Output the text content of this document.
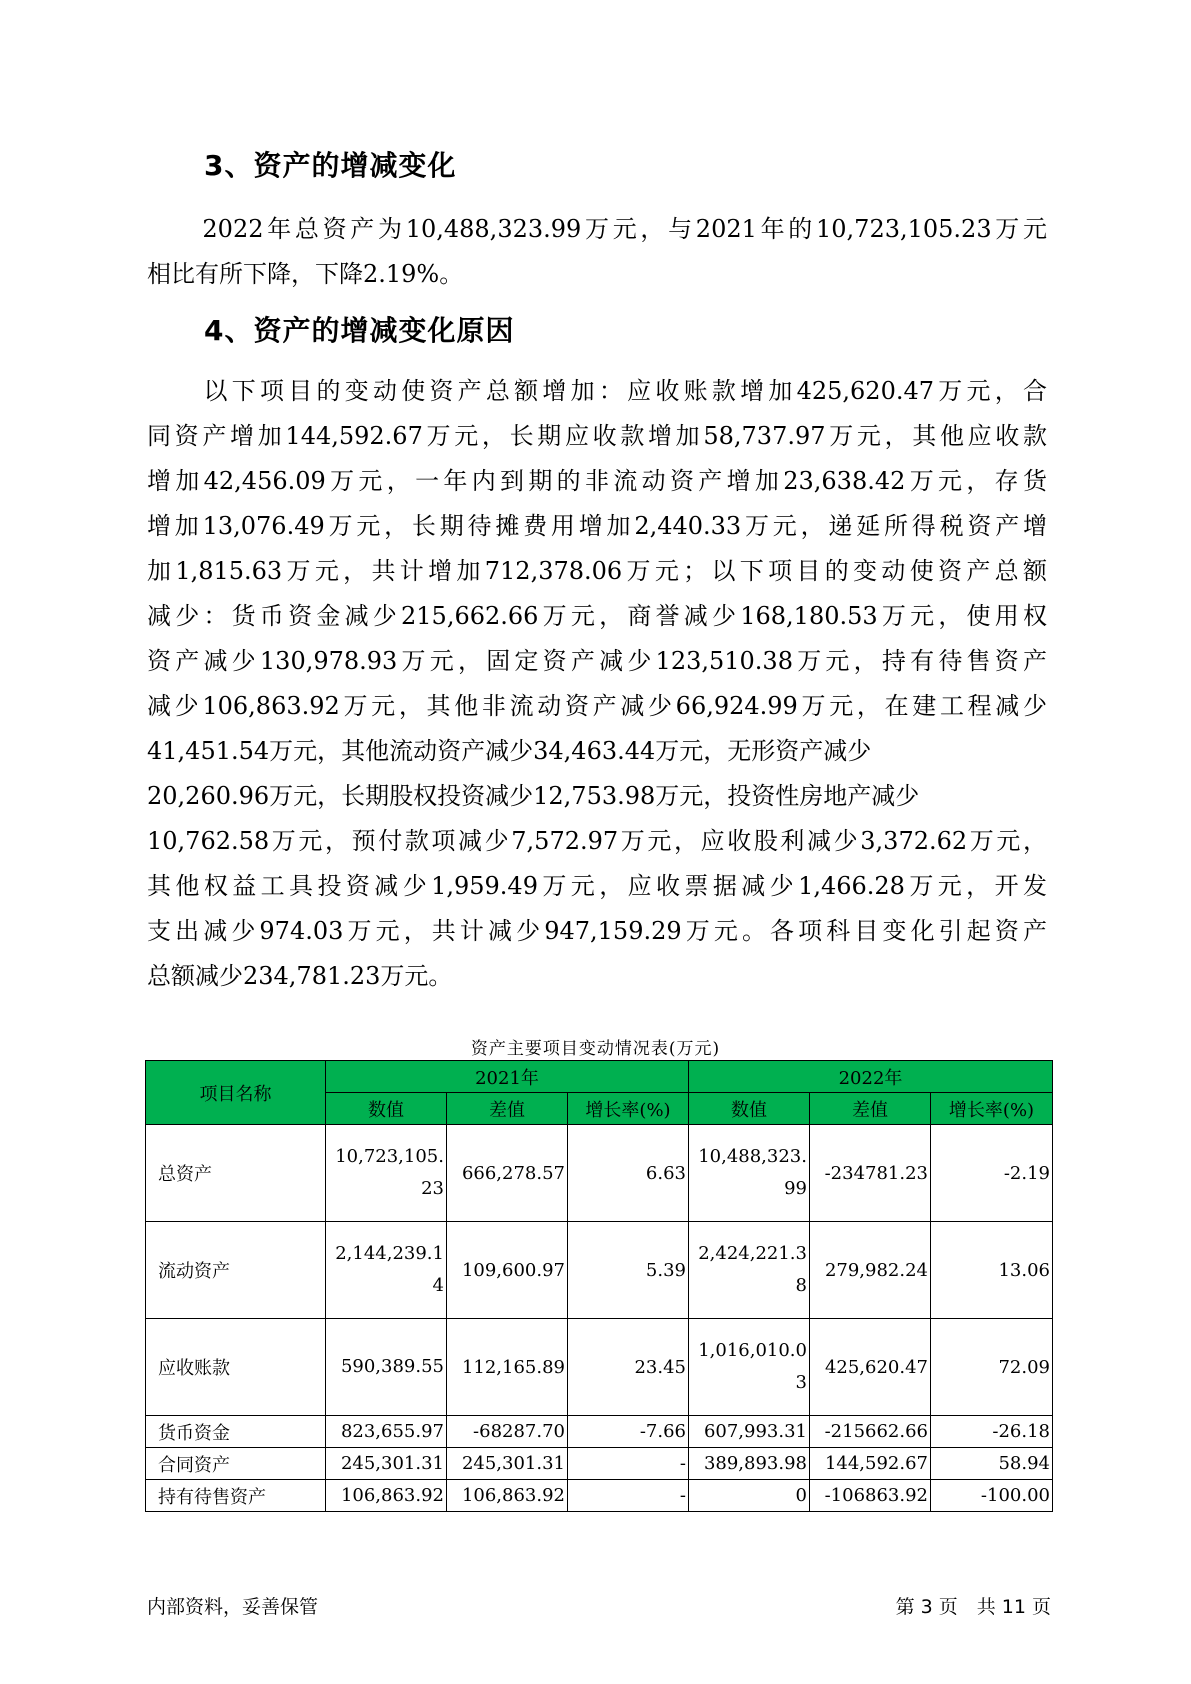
3、资产的增减变化
　　2022年总资产为10,488,323.99万元，与2021年的10,723,105.23万元
相比有所下降，下降2.19%。
4、资产的增减变化原因
　　以下项目的变动使资产总额增加：应收账款增加425,620.47万元，合
同资产增加144,592.67万元，长期应收款增加58,737.97万元，其他应收款
增加42,456.09万元，一年内到期的非流动资产增加23,638.42万元，存货
增加13,076.49万元，长期待摊费用增加2,440.33万元，递延所得税资产增
加1,815.63万元，共计增加712,378.06万元；以下项目的变动使资产总额
减少：货币资金减少215,662.66万元，商誉减少168,180.53万元，使用权
资产减少130,978.93万元，固定资产减少123,510.38万元，持有待售资产
减少106,863.92万元，其他非流动资产减少66,924.99万元，在建工程减少
41,451.54万元，其他流动资产减少34,463.44万元，无形资产减少
20,260.96万元，长期股权投资减少12,753.98万元，投资性房地产减少
10,762.58万元，预付款项减少7,572.97万元，应收股利减少3,372.62万元，
其他权益工具投资减少1,959.49万元，应收票据减少1,466.28万元，开发
支出减少974.03万元，共计减少947,159.29万元。各项科目变化引起资产
总额减少234,781.23万元。
资产主要项目变动情况表(万元)
项目名称	2021年			2022年		
	数值	差值	增长率(%)	数值	差值	增长率(%)
总资产	10,723,105.23	666,278.57	6.63	10,488,323.99	-234781.23	-2.19
流动资产	2,144,239.14	109,600.97	5.39	2,424,221.38	279,982.24	13.06
应收账款	590,389.55	112,165.89	23.45	1,016,010.03	425,620.47	72.09
货币资金	823,655.97	-68287.70	-7.66	607,993.31	-215662.66	-26.18
合同资产	245,301.31	245,301.31	-	389,893.98	144,592.67	58.94
持有待售资产	106,863.92	106,863.92	-	0	-106863.92	-100.00
内部资料，妥善保管	第 3 页　共 11 页
